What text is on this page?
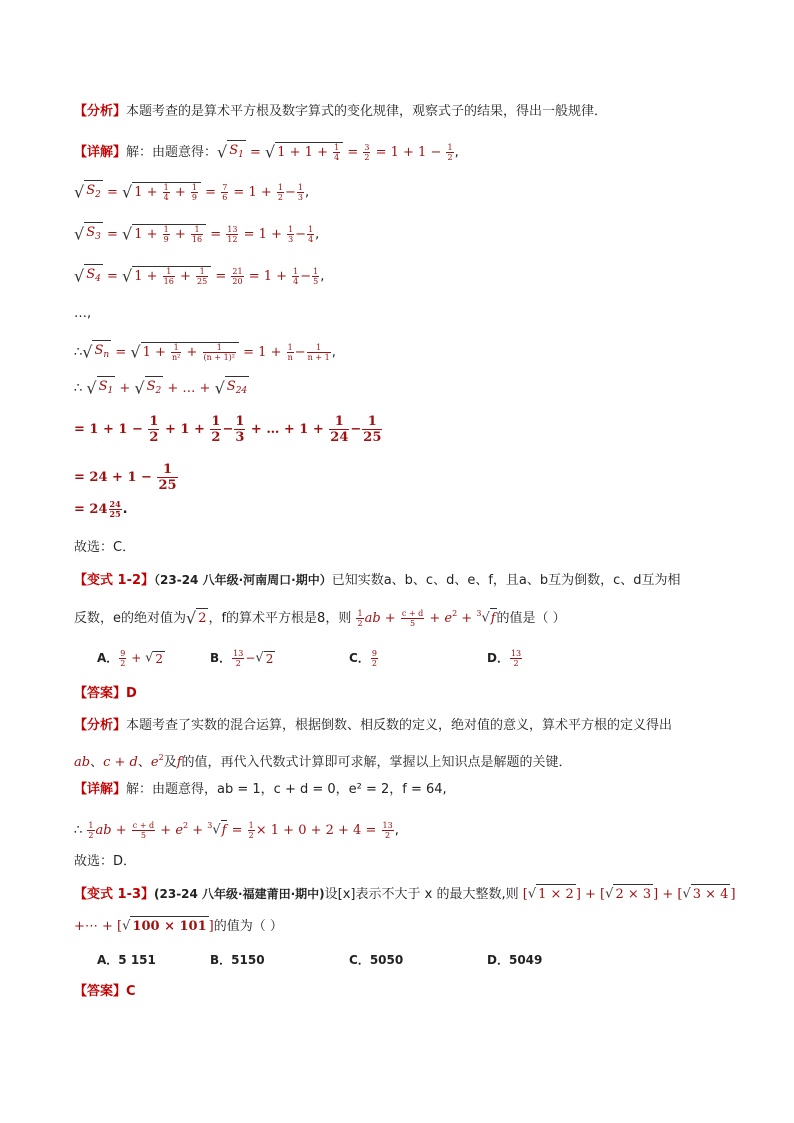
【分析】本题考查的是算术平方根及数字算式的变化规律，观察式子的结果，得出一般规律．
【详解】解：由题意得：√ $S_1$ = √ $1 + 1 + \frac{1}{4} = \frac{3}{2} = 1 + 1 - \frac{1}{2}$ ,
√ $S_2$ = √ $1 + \frac{1}{4} + \frac{1}{9} = \frac{7}{6} = 1 + \frac{1}{2} - \frac{1}{3}$ ,
√ $S_3$ = √ $1 + \frac{1}{9} + \frac{1}{16} = \frac{13}{12} = 1 + \frac{1}{3} - \frac{1}{4}$ ,
√ $S_4$ = √ $1 + \frac{1}{16} + \frac{1}{25} = \frac{21}{20} = 1 + \frac{1}{4} - \frac{1}{5}$ ,
…,
∴√ $S_n$ = √ $1 + \frac{1}{\text{n²}} + \frac{1}{\text{(n + 1)²}} = 1 + \frac{1}{n} - \frac{1}{n + 1}$ ,
∴ √ $S_1$ + √ $S_2$ + … + √ $S_{24}$
= $1 + 1 - \frac{1}{2} + 1 + \frac{1}{2} - \frac{1}{3}$ + … + $1 + \frac{1}{24} - \frac{1}{25}$
= $24 + 1 - \frac{1}{25}$
= $24 \frac{24}{25}$ .
故选：C．
【变式 1-2】（23-24 八年级·河南周口·期中）已知实数a、b、c、d、e、f，且a、b互为倒数，c、d互为相
反数，e的绝对值为√ 2 ，f的算术平方根是8，则 $\frac{1}{2}$ ab + $\frac{c + d}{5} + e^2 + ^3√f$的值是（ ）
A． $\frac{9}{2}$ + √ 2	B． $\frac{13}{2}$ −√ 2	C． $\frac{9}{2}$	D． $\frac{13}{2}$
【答案】D
【分析】本题考查了实数的混合运算，根据倒数、相反数的定义，绝对值的意义，算术平方根的定义得出
ab、c + d、$e^2$及f的值，再代入代数式计算即可求解，掌握以上知识点是解题的关键．
【详解】解：由题意得，ab = 1，c + d = 0，e² = 2，f = 64,
∴ $\frac{1}{2}$ ab + $\frac{c + d}{5} + e^2 + ^3√f = \frac{1}{2} \times 1 + 0 + 2 + 4 = \frac{13}{2}$ ,
故选：D．
【变式 1-3】(23-24 八年级·福建莆田·期中)设[x]表示不大于 x 的最大整数,则 [√ 1 × 2 ] + [√ 2 × 3 ] + [√ 3 × 4 ]
+⋯ + [√ 100 × 101 ]的值为（ ）
A．5 151	B．5150	C．5050	D．5049
【答案】C
